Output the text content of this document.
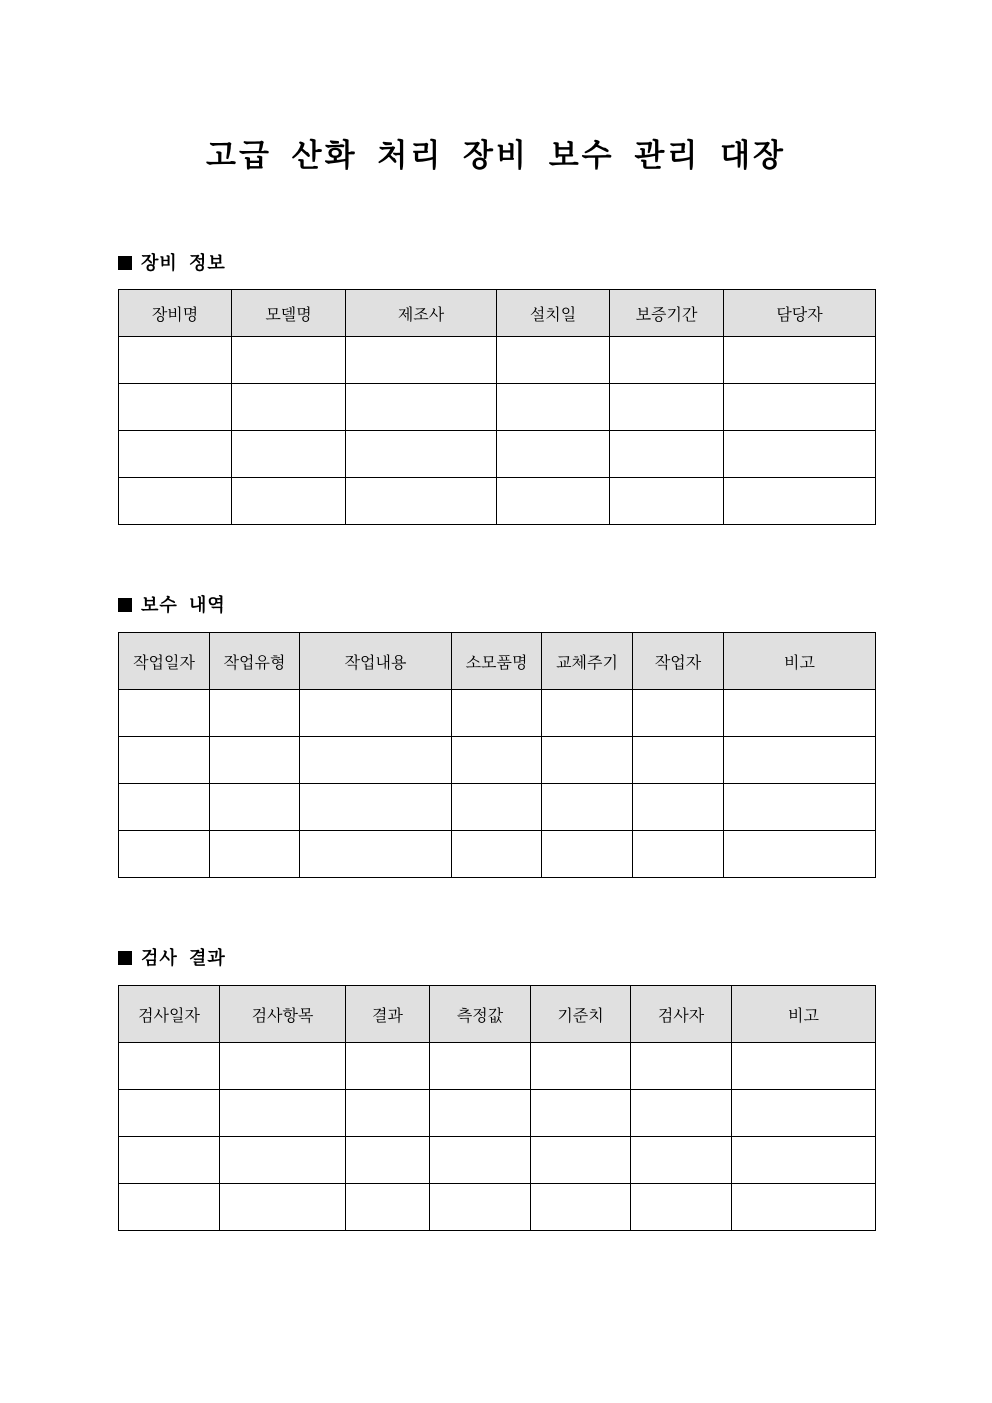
고급 산화 처리 장비 보수 관리 대장
장비 정보
장비명	모델명	제조사	설치일	보증기간	담당자

보수 내역
작업일자	작업유형	작업내용	소모품명	교체주기	작업자	비고

검사 결과
검사일자	검사항목	결과	측정값	기준치	검사자	비고
